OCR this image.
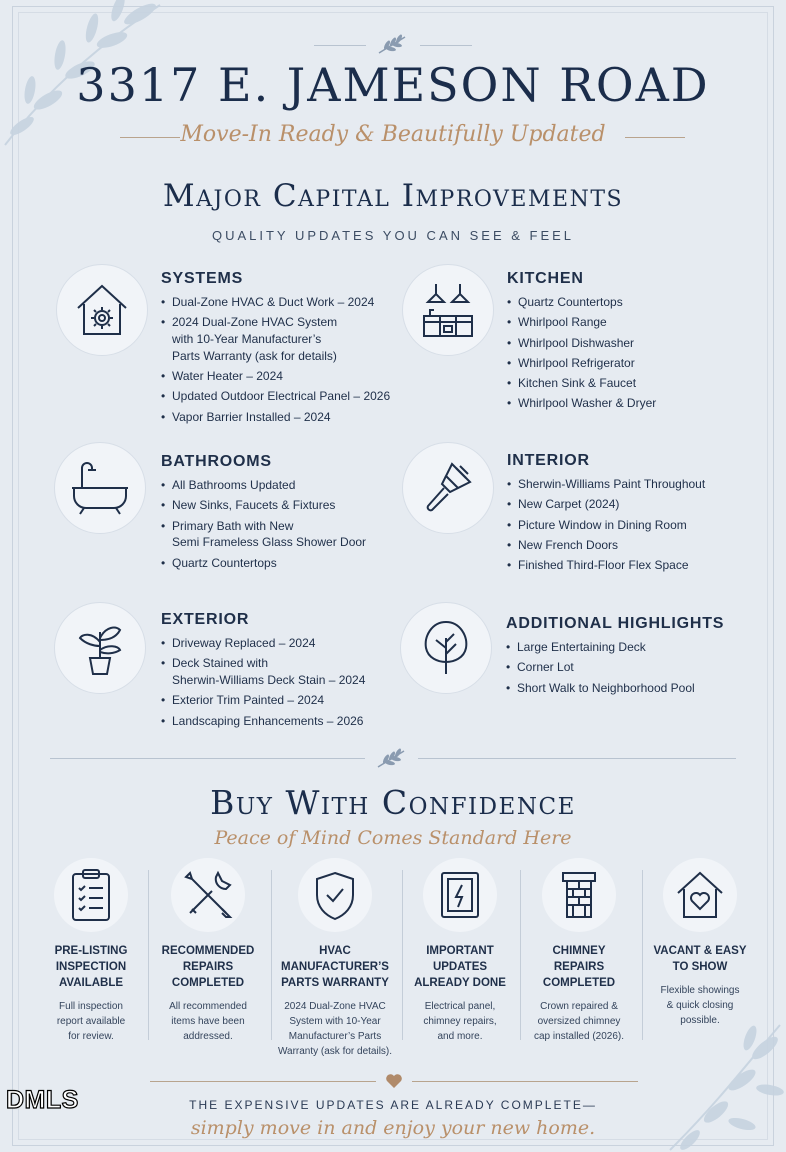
3317 E. JAMESON ROAD
Move-In Ready & Beautifully Updated
Major Capital Improvements
QUALITY UPDATES YOU CAN SEE & FEEL
SYSTEMS
• Dual-Zone HVAC & Duct Work – 2024
• 2024 Dual-Zone HVAC System
with 10-Year Manufacturer’s
Parts Warranty (ask for details)
• Water Heater – 2024
• Updated Outdoor Electrical Panel – 2026
• Vapor Barrier Installed – 2024
KITCHEN
• Quartz Countertops
• Whirlpool Range
• Whirlpool Dishwasher
• Whirlpool Refrigerator
• Kitchen Sink & Faucet
• Whirlpool Washer & Dryer
BATHROOMS
• All Bathrooms Updated
• New Sinks, Faucets & Fixtures
• Primary Bath with New
Semi Frameless Glass Shower Door
• Quartz Countertops
INTERIOR
• Sherwin-Williams Paint Throughout
• New Carpet (2024)
• Picture Window in Dining Room
• New French Doors
• Finished Third-Floor Flex Space
EXTERIOR
• Driveway Replaced – 2024
• Deck Stained with
Sherwin-Williams Deck Stain – 2024
• Exterior Trim Painted – 2024
• Landscaping Enhancements – 2026
ADDITIONAL HIGHLIGHTS
• Large Entertaining Deck
• Corner Lot
• Short Walk to Neighborhood Pool
Buy With Confidence
Peace of Mind Comes Standard Here
PRE-LISTING
INSPECTION
AVAILABLE
Full inspection
report available
for review.
RECOMMENDED
REPAIRS
COMPLETED
All recommended
items have been
addressed.
HVAC
MANUFACTURER’S
PARTS WARRANTY
2024 Dual-Zone HVAC
System with 10-Year
Manufacturer’s Parts
Warranty (ask for details).
IMPORTANT
UPDATES
ALREADY DONE
Electrical panel,
chimney repairs,
and more.
CHIMNEY
REPAIRS
COMPLETED
Crown repaired &
oversized chimney
cap installed (2026).
VACANT & EASY
TO SHOW
Flexible showings
& quick closing
possible.
THE EXPENSIVE UPDATES ARE ALREADY COMPLETE—
simply move in and enjoy your new home.
DMLS
